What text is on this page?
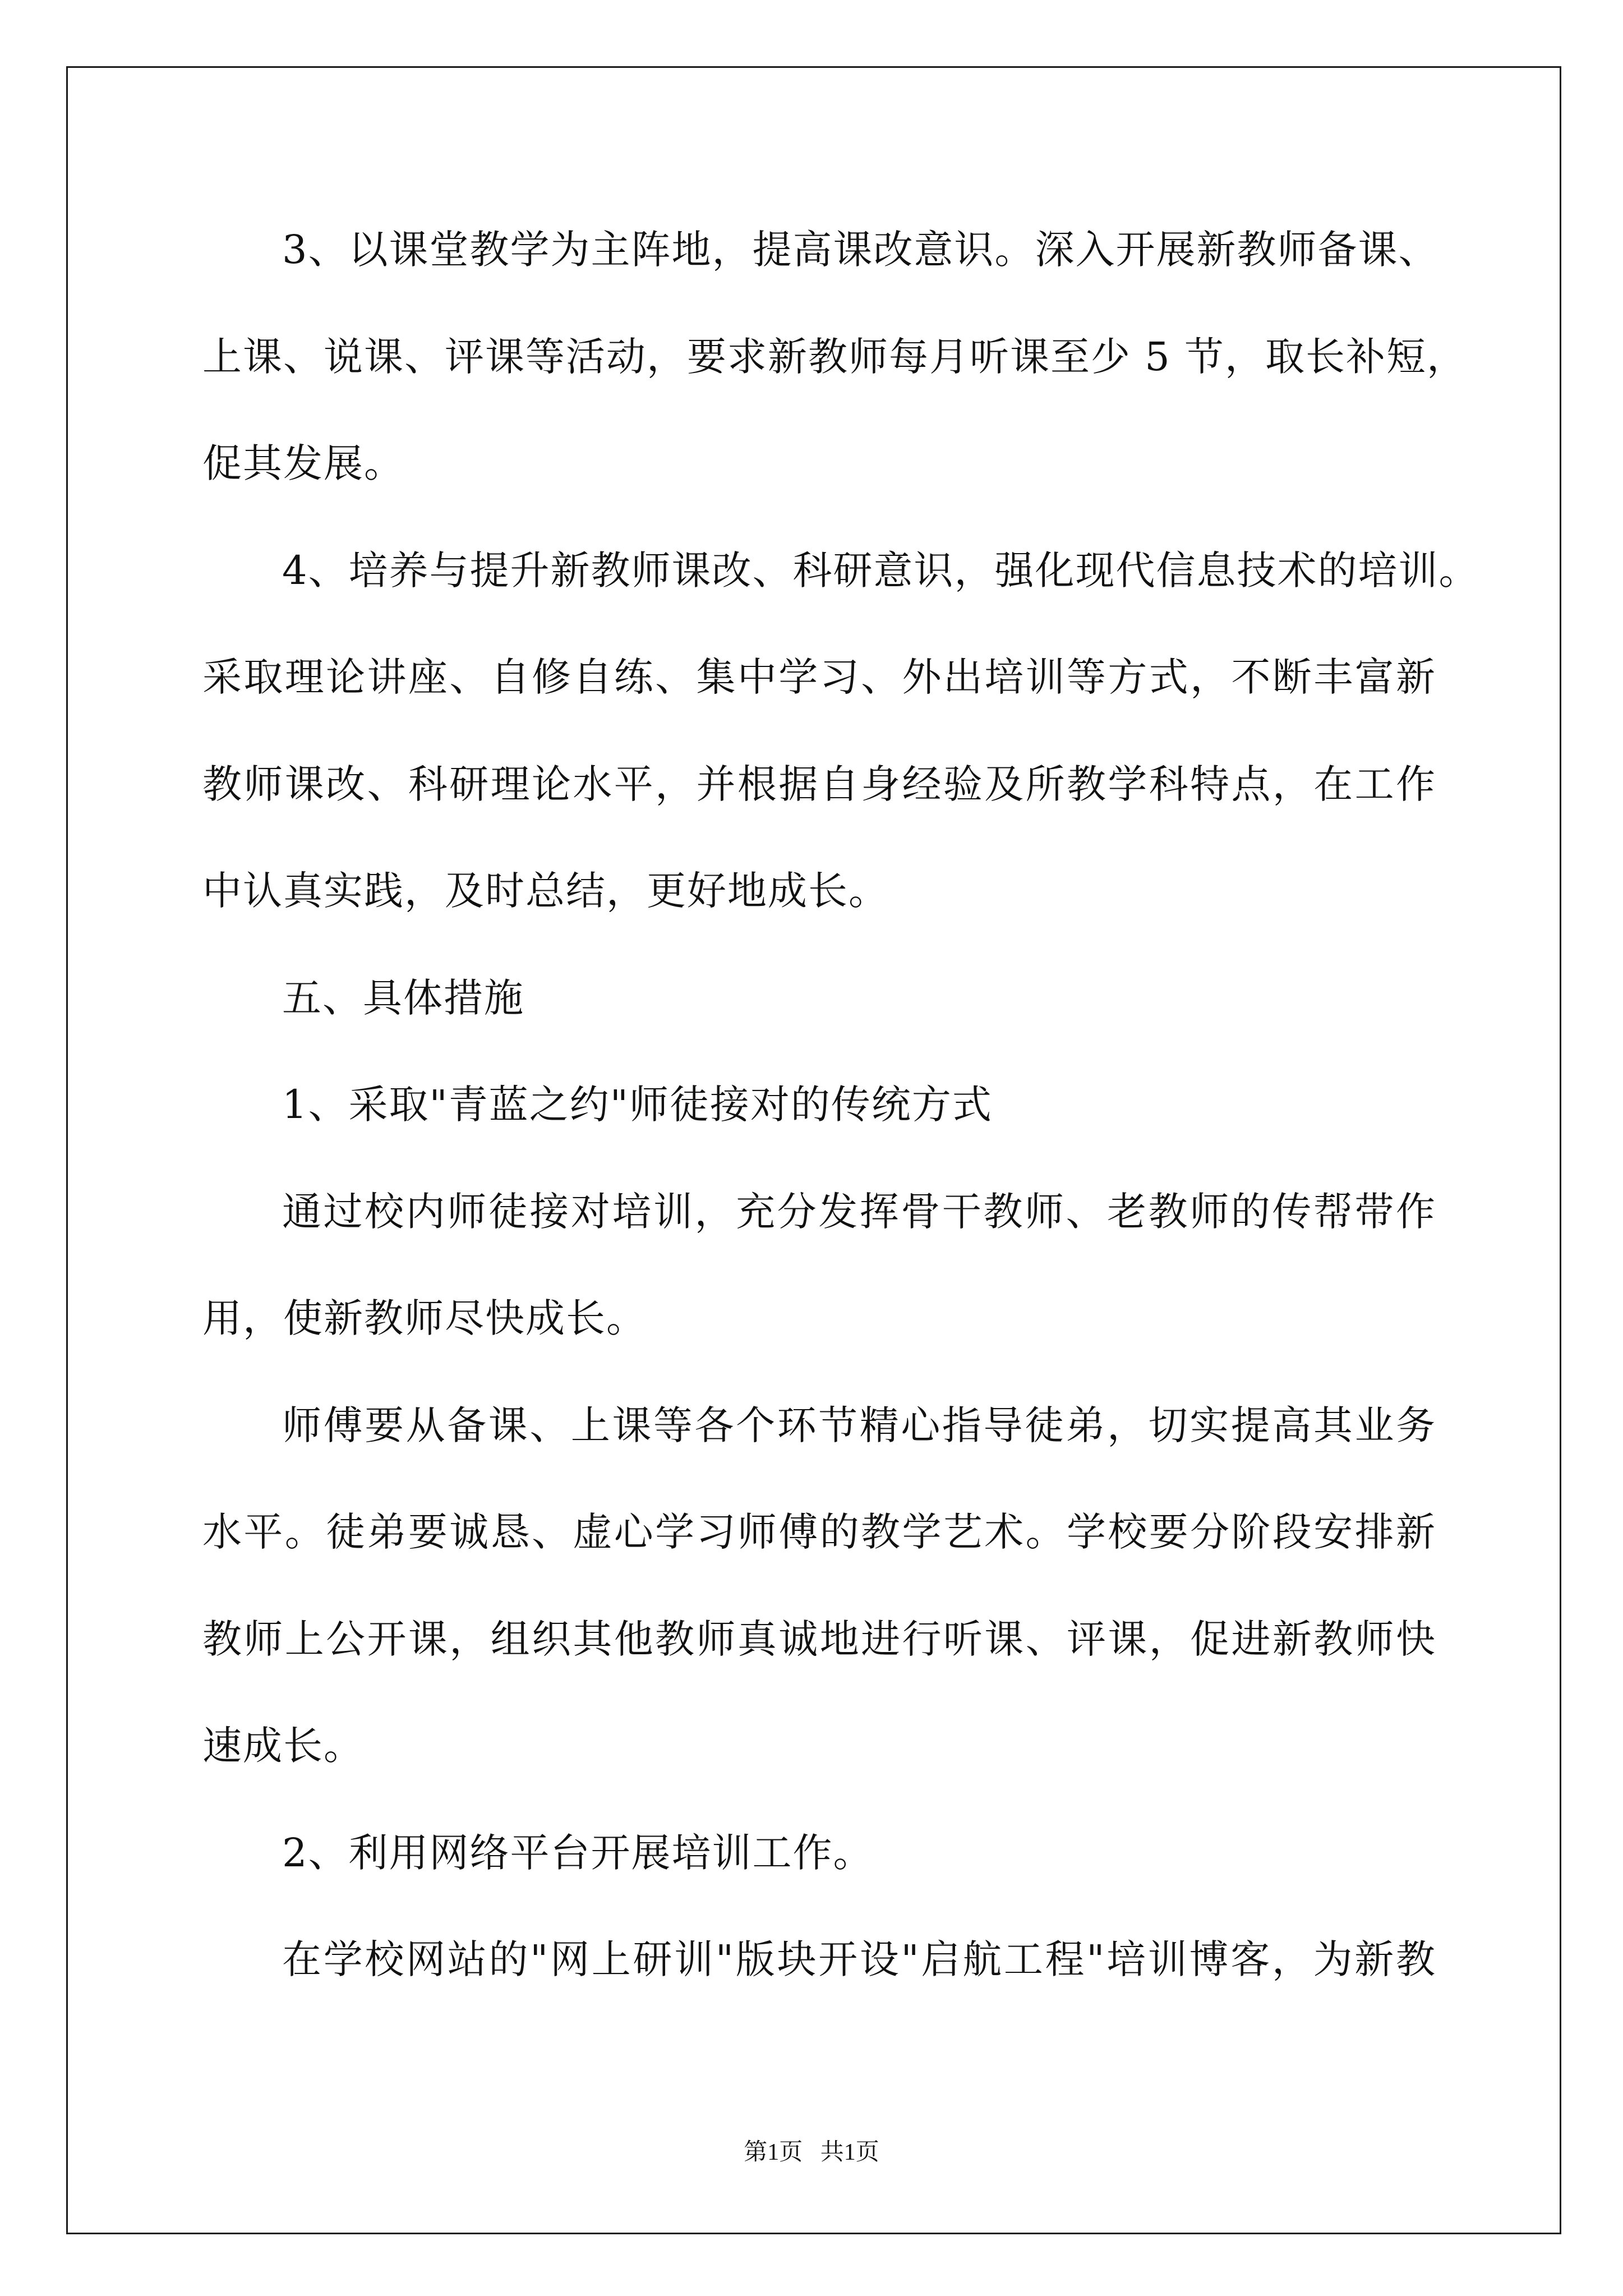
3、以课堂教学为主阵地，提高课改意识。深入开展新教师备课、
上课、说课、评课等活动，要求新教师每月听课至少 5 节，取长补短，
促其发展。
4、培养与提升新教师课改、科研意识，强化现代信息技术的培训。
采取理论讲座、自修自练、集中学习、外出培训等方式，不断丰富新
教师课改、科研理论水平，并根据自身经验及所教学科特点，在工作
中认真实践，及时总结，更好地成长。
五、具体措施
1、采取"青蓝之约"师徒接对的传统方式
通过校内师徒接对培训，充分发挥骨干教师、老教师的传帮带作
用，使新教师尽快成长。
师傅要从备课、上课等各个环节精心指导徒弟，切实提高其业务
水平。徒弟要诚恳、虚心学习师傅的教学艺术。学校要分阶段安排新
教师上公开课，组织其他教师真诚地进行听课、评课，促进新教师快
速成长。
2、利用网络平台开展培训工作。
在学校网站的"网上研训"版块开设"启航工程"培训博客，为新教
第1页   共1页
